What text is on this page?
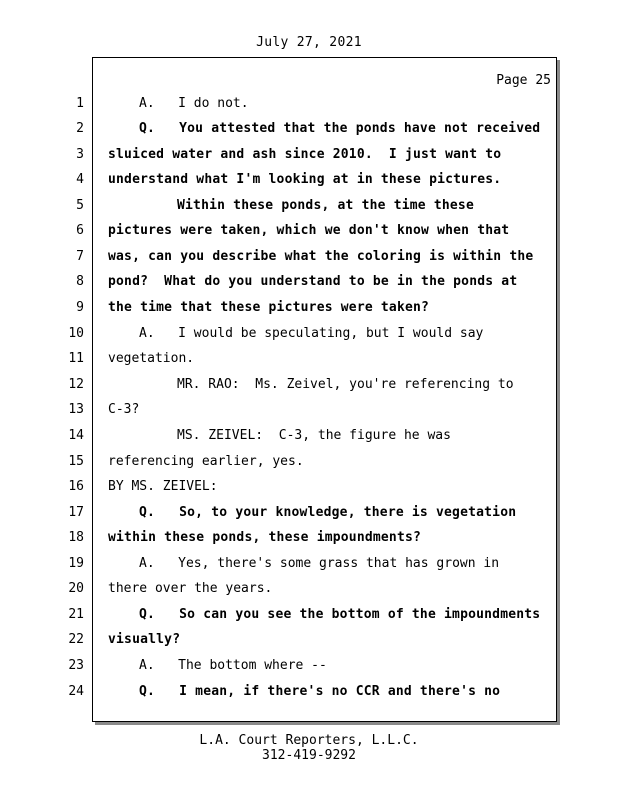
July 27, 2021
Page 25
1	A.   I do not.
2	Q.   You attested that the ponds have not received
3 sluiced water and ash since 2010.  I just want to
4 understand what I'm looking at in these pictures.
5	Within these ponds, at the time these
6 pictures were taken, which we don't know when that
7 was, can you describe what the coloring is within the
8 pond?  What do you understand to be in the ponds at
9 the time that these pictures were taken?
10	A.   I would be speculating, but I would say
11 vegetation.
12	MR. RAO:  Ms. Zeivel, you're referencing to
13 C-3?
14	MS. ZEIVEL:  C-3, the figure he was
15 referencing earlier, yes.
16 BY MS. ZEIVEL:
17	Q.   So, to your knowledge, there is vegetation
18 within these ponds, these impoundments?
19	A.   Yes, there's some grass that has grown in
20 there over the years.
21	Q.   So can you see the bottom of the impoundments
22 visually?
23	A.   The bottom where --
24	Q.   I mean, if there's no CCR and there's no
L.A. Court Reporters, L.L.C.
312-419-9292
